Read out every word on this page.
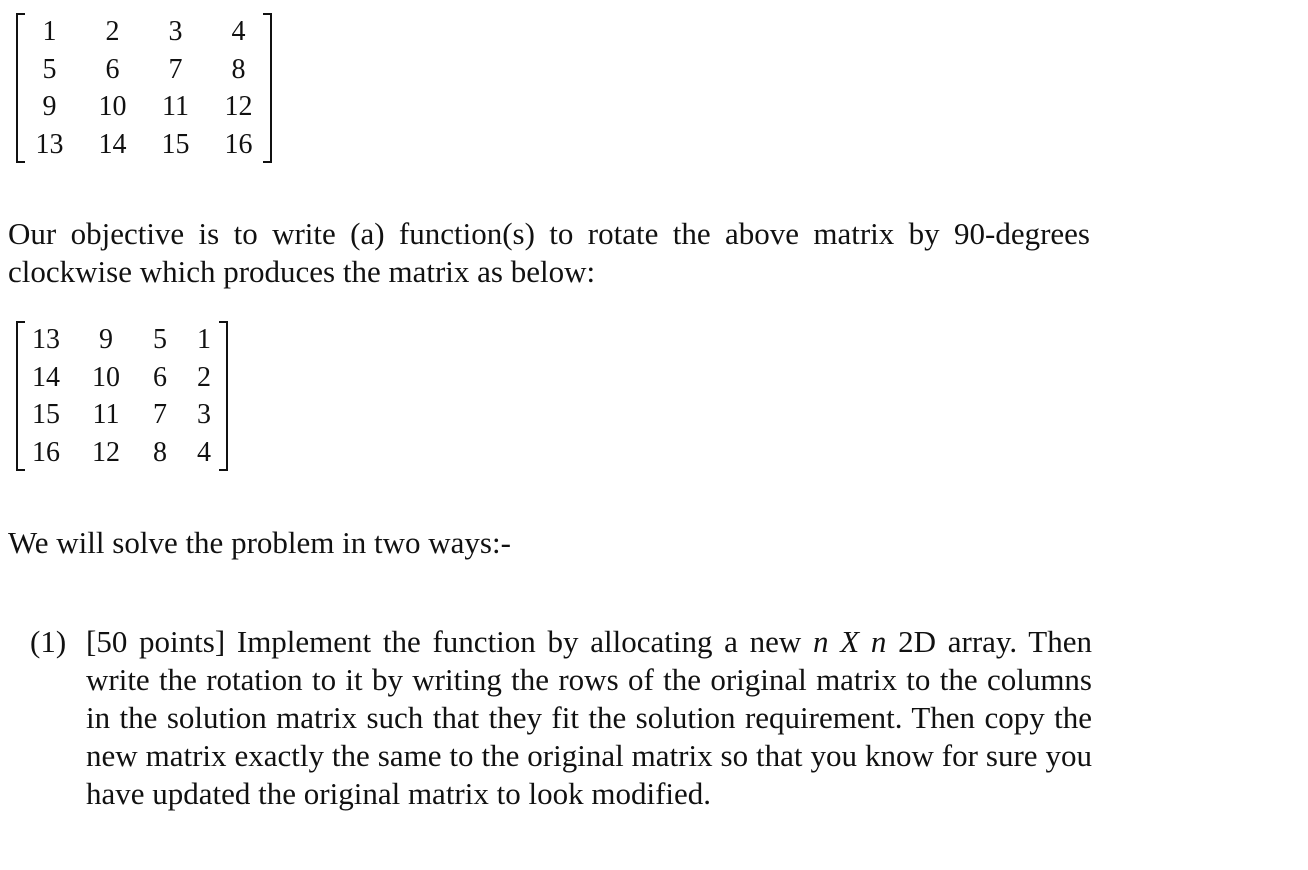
1	2	3	4
5	6	7	8
9	10	11	12
13	14	15	16

Our objective is to write (a) function(s) to rotate the above matrix by 90-degrees clockwise which produces the matrix as below:

13	9	5	1
14	10	6	2
15	11	7	3
16	12	8	4

We will solve the problem in two ways:-

(1) [50 points] Implement the function by allocating a new n X n 2D array. Then write the rotation to it by writing the rows of the original matrix to the columns in the solution matrix such that they fit the solution requirement. Then copy the new matrix exactly the same to the original matrix so that you know for sure you have updated the original matrix to look modified.
